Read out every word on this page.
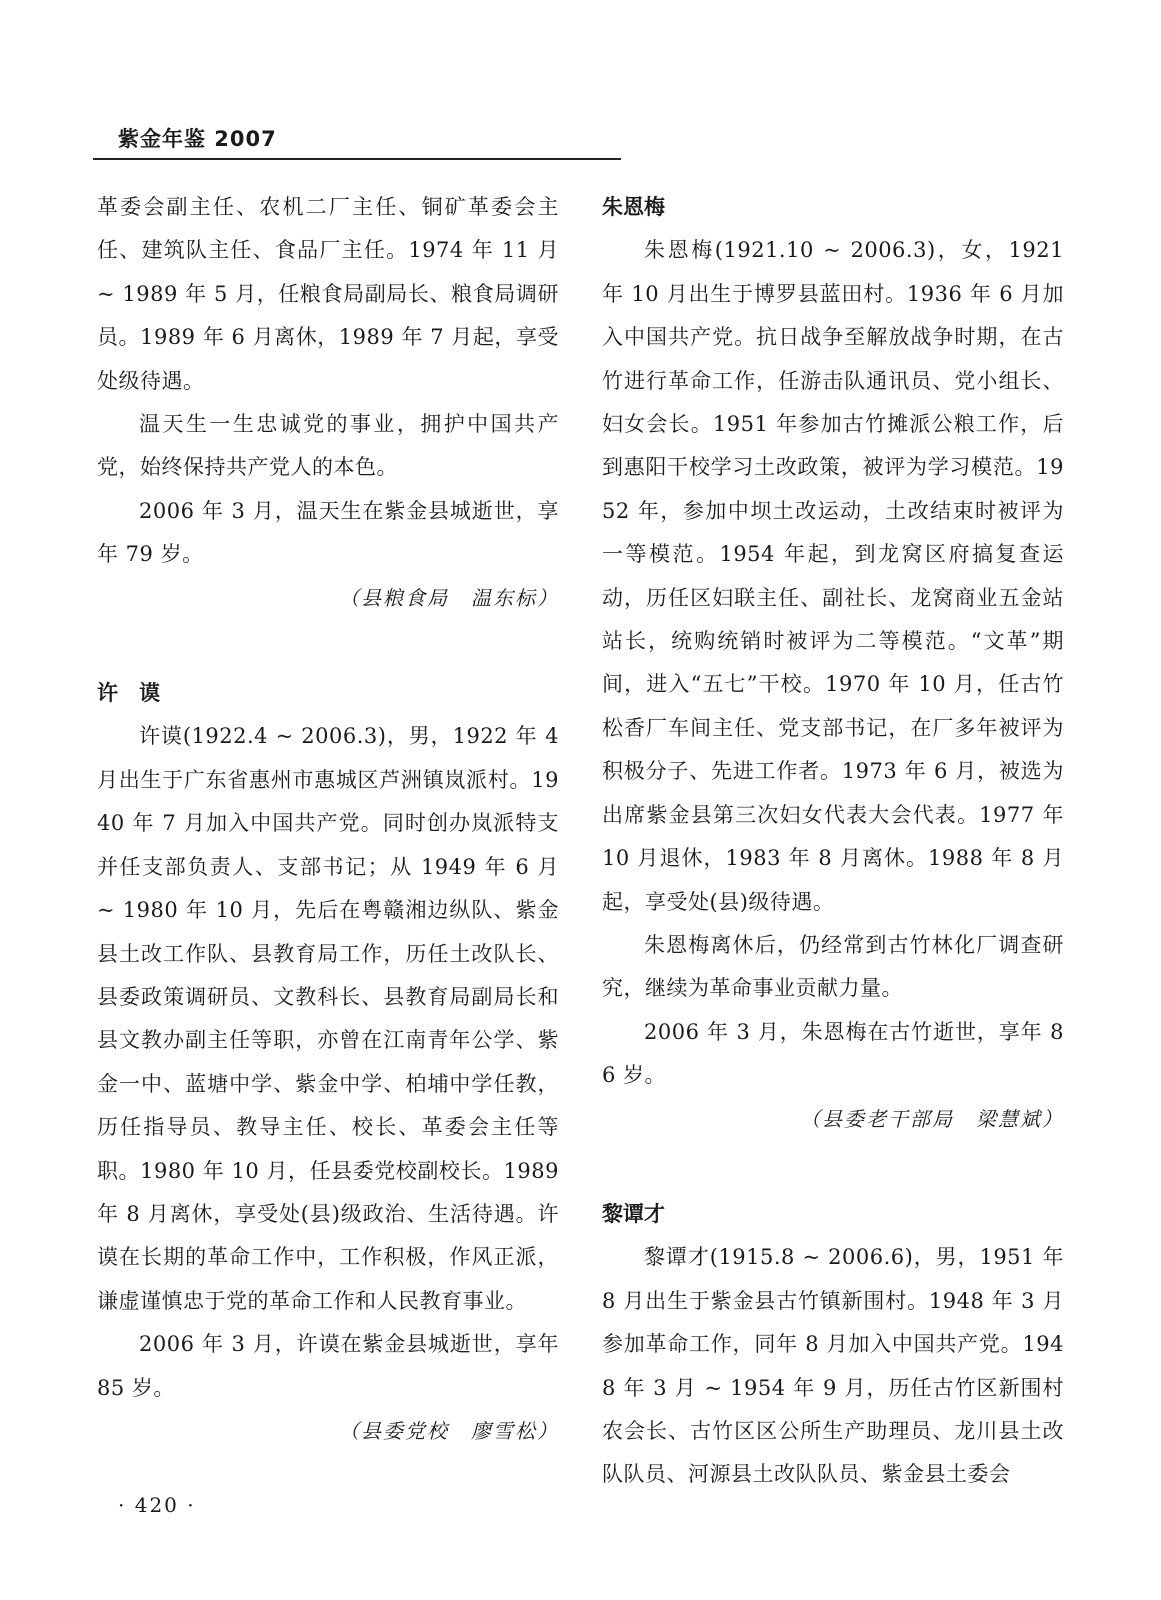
紫金年鉴 2007

革委会副主任、农机二厂主任、铜矿革委会主任、建筑队主任、食品厂主任。1974 年 11 月 ~ 1989 年 5 月，任粮食局副局长、粮食局调研员。1989 年 6 月离休，1989 年 7 月起，享受处级待遇。

温天生一生忠诚党的事业，拥护中国共产党，始终保持共产党人的本色。

2006 年 3 月，温天生在紫金县城逝世，享年 79 岁。

（县粮食局　温东标）

许　谟

许谟(1922.4 ~ 2006.3)，男，1922 年 4 月出生于广东省惠州市惠城区芦洲镇岚派村。1940 年 7 月加入中国共产党。同时创办岚派特支并任支部负责人、支部书记；从 1949 年 6 月 ~ 1980 年 10 月，先后在粤赣湘边纵队、紫金县土改工作队、县教育局工作，历任土改队长、县委政策调研员、文教科长、县教育局副局长和县文教办副主任等职，亦曾在江南青年公学、紫金一中、蓝塘中学、紫金中学、柏埔中学任教，历任指导员、教导主任、校长、革委会主任等职。1980 年 10 月，任县委党校副校长。1989 年 8 月离休，享受处(县)级政治、生活待遇。许谟在长期的革命工作中，工作积极，作风正派，谦虚谨慎忠于党的革命工作和人民教育事业。

2006 年 3 月，许谟在紫金县城逝世，享年 85 岁。

（县委党校　廖雪松）

朱恩梅

朱恩梅(1921.10 ~ 2006.3)，女，1921 年 10 月出生于博罗县蓝田村。1936 年 6 月加入中国共产党。抗日战争至解放战争时期，在古竹进行革命工作，任游击队通讯员、党小组长、妇女会长。1951 年参加古竹摊派公粮工作，后到惠阳干校学习土改政策，被评为学习模范。1952 年，参加中坝土改运动，土改结束时被评为一等模范。1954 年起，到龙窝区府搞复查运动，历任区妇联主任、副社长、龙窝商业五金站站长，统购统销时被评为二等模范。“文革”期间，进入“五七”干校。1970 年 10 月，任古竹松香厂车间主任、党支部书记，在厂多年被评为积极分子、先进工作者。1973 年 6 月，被选为出席紫金县第三次妇女代表大会代表。1977 年 10 月退休，1983 年 8 月离休。1988 年 8 月起，享受处(县)级待遇。

朱恩梅离休后，仍经常到古竹林化厂调查研究，继续为革命事业贡献力量。

2006 年 3 月，朱恩梅在古竹逝世，享年 86 岁。

（县委老干部局　梁慧斌）

黎谭才

黎谭才(1915.8 ~ 2006.6)，男，1951 年 8 月出生于紫金县古竹镇新围村。1948 年 3 月参加革命工作，同年 8 月加入中国共产党。1948 年 3 月 ~ 1954 年 9 月，历任古竹区新围村农会长、古竹区区公所生产助理员、龙川县土改队队员、河源县土改队队员、紫金县土委会

· 420 ·
